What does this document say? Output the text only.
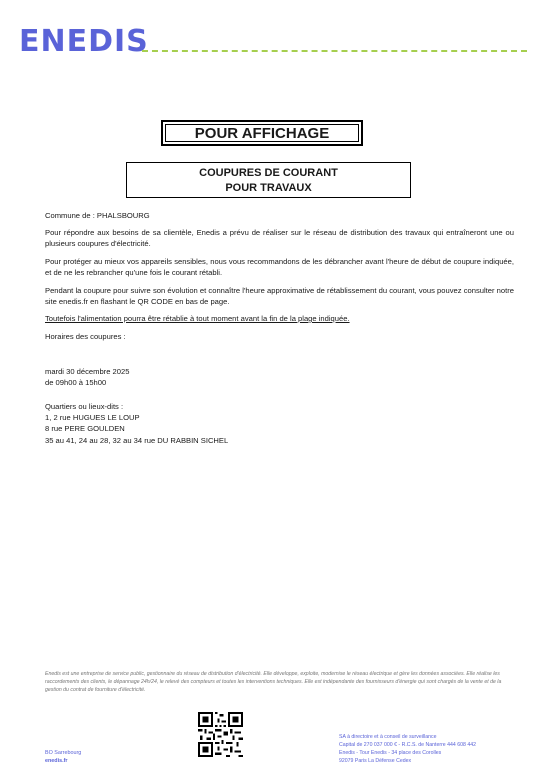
ENEDIS
POUR AFFICHAGE
COUPURES DE COURANT
POUR TRAVAUX
Commune de : PHALSBOURG
Pour répondre aux besoins de sa clientèle, Enedis a prévu de réaliser sur le réseau de distribution des travaux qui entraîneront une ou plusieurs coupures d'électricité.
Pour protéger au mieux vos appareils sensibles, nous vous recommandons de les débrancher avant l'heure de début de coupure indiquée, et de ne les rebrancher qu'une fois le courant rétabli.
Pendant la coupure pour suivre son évolution et connaître l'heure approximative de rétablissement du courant, vous pouvez consulter notre site enedis.fr en flashant le QR CODE en bas de page.
Toutefois l'alimentation pourra être rétablie à tout moment avant la fin de la plage indiquée.
Horaires des coupures :
mardi 30 décembre 2025
de 09h00 à 15h00
Quartiers ou lieux-dits :
1, 2 rue HUGUES LE LOUP
8 rue PERE GOULDEN
35 au 41, 24 au 28, 32 au 34 rue DU RABBIN SICHEL
Enedis est une entreprise de service public, gestionnaire du réseau de distribution d'électricité. Elle développe, exploite, modernise le réseau électrique et gère les données associées. Elle réalise les raccordements des clients, le dépannage 24h/24, le relevé des compteurs et toutes les interventions techniques. Elle est indépendante des fournisseurs d'énergie qui sont chargés de la vente et de la gestion du contrat de fourniture d'électricité.
BO Sarrebourg
enedis.fr
SA à directoire et à conseil de surveillance
Capital de 270 037 000 € - R.C.S. de Nanterre 444 608 442
Enedis - Tour Enedis - 34 place des Corolles
92079 Paris La Défense Cedex
